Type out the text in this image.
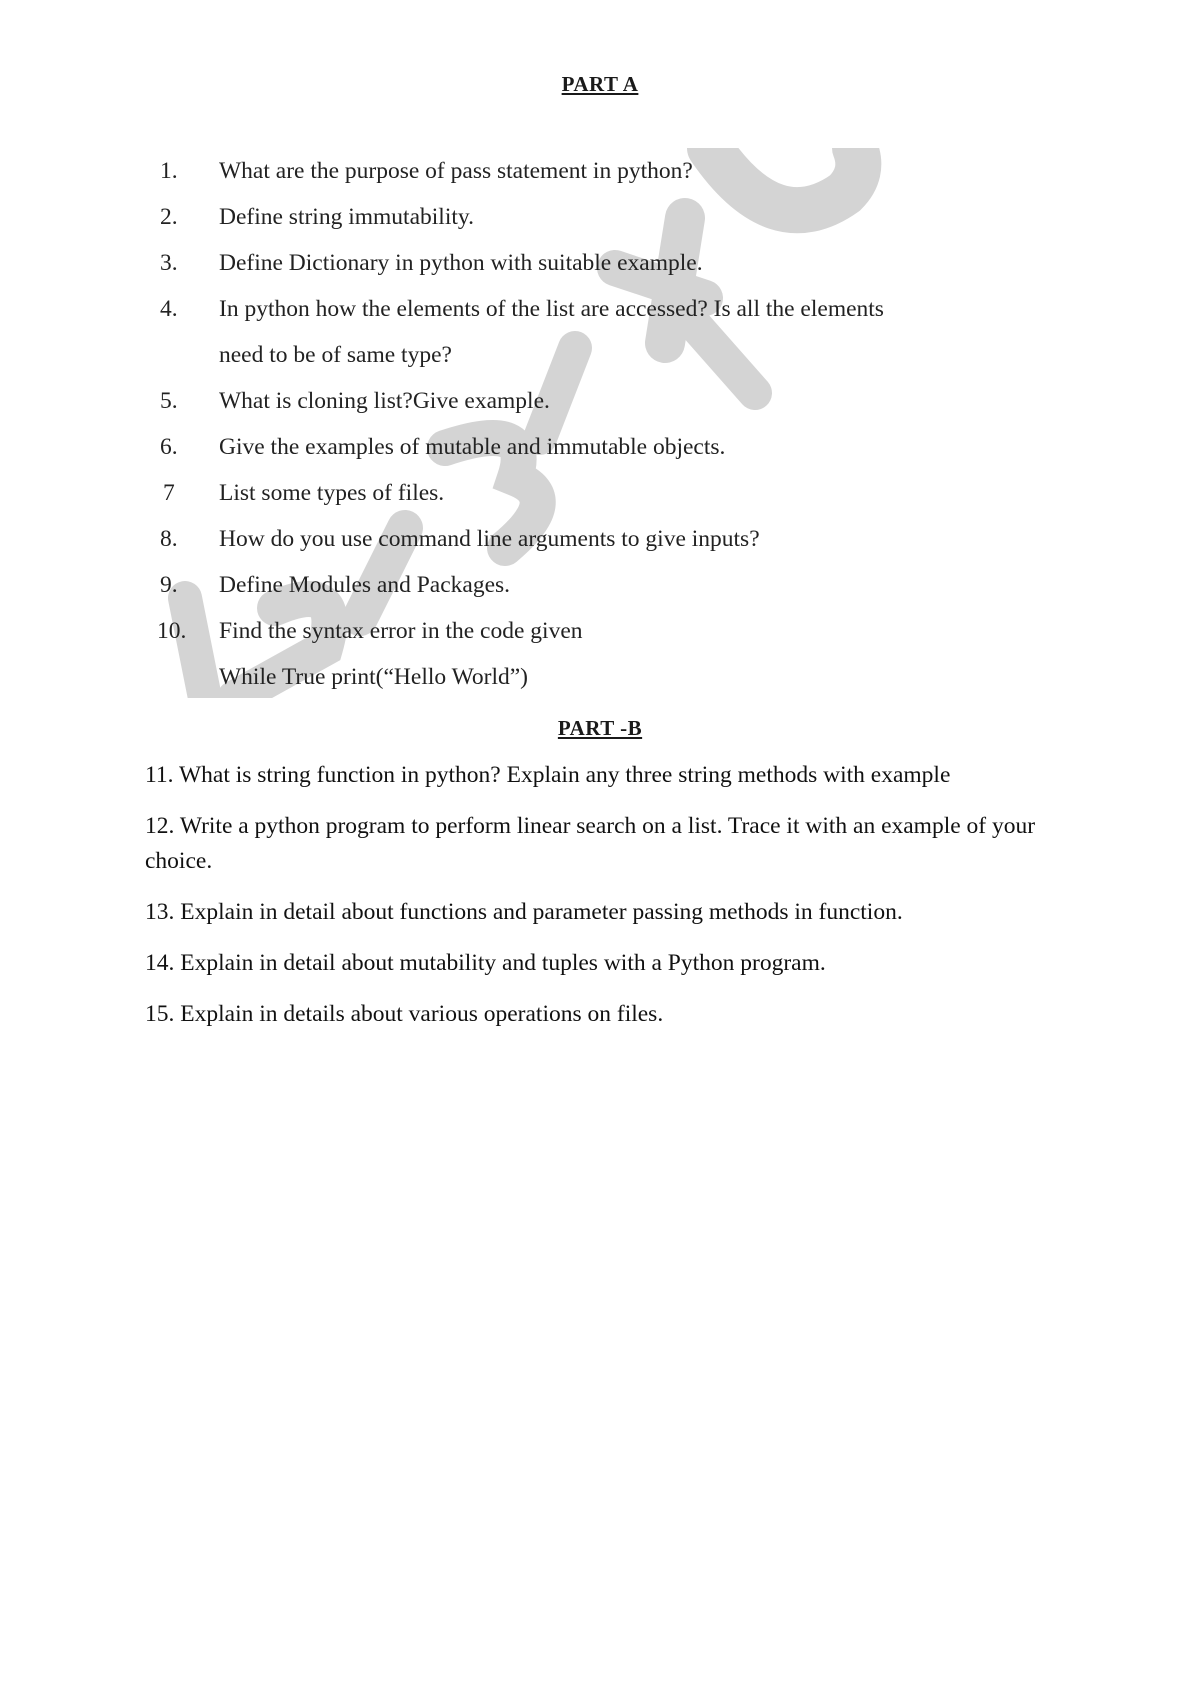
PART A
1.	What are the purpose of pass statement in python?
2.	Define string immutability.
3.	Define Dictionary in python with suitable example.
4.	In python how the elements of the list are accessed? Is all the elements
need to be of same type?
5.	What is cloning list?Give example.
6.	Give the examples of mutable and immutable objects.
7	List some types of files.
8.	How do you use command line arguments to give inputs?
9.	Define Modules and Packages.
10.	Find the syntax error in the code given
While True print(“Hello World”)
PART -B
11. What is string function in python? Explain any three string methods with example
12. Write a python program to perform linear search on a list. Trace it with an example of your choice.
13. Explain in detail about functions and parameter passing methods in function.
14. Explain in detail about mutability and tuples with a Python program.
15. Explain in details about various operations on files.
